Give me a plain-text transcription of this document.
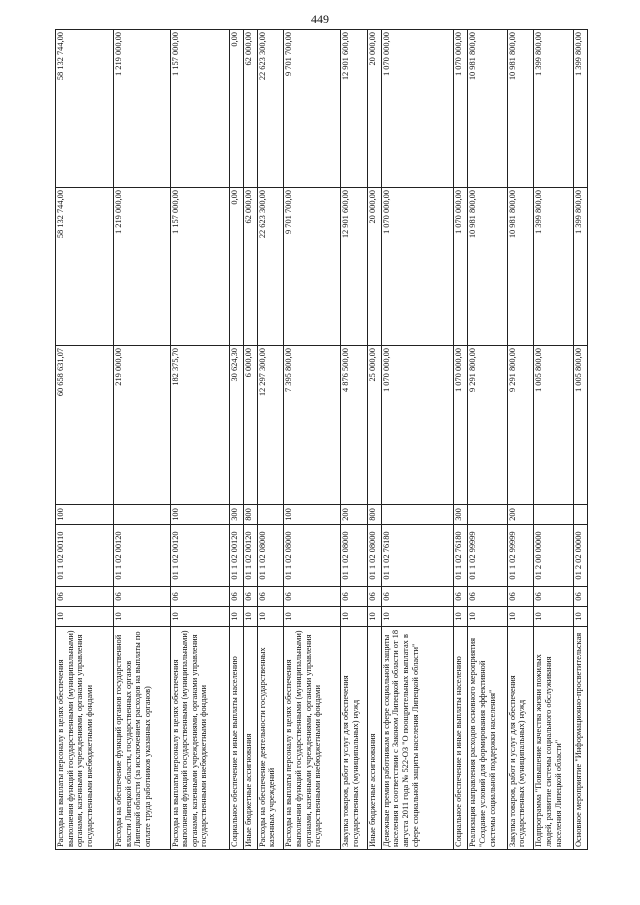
449
Расходы на выплаты персоналу в целях обеспечения выполнения функций государственными (муниципальными) органами, казенными учреждениями, органами управления государственными внебюджетными фондами	10	06	01 1 02 00110	100	60 658 631,07	58 132 744,00	58 132 744,00
Расходы на обеспечение функций органов государственной власти Липецкой области, государственных органов Липецкой области (за исключением расходов на выплаты по оплате труда работников указанных органов)	10	06	01 1 02 00120		219 000,00	1 219 000,00	1 219 000,00
Расходы на выплаты персоналу в целях обеспечения выполнения функций государственными (муниципальными) органами, казенными учреждениями, органами управления государственными внебюджетными фондами	10	06	01 1 02 00120	100	182 375,70	1 157 000,00	1 157 000,00
Социальное обеспечение и иные выплаты населению	10	06	01 1 02 00120	300	30 624,30	0,00	0,00
Иные бюджетные ассигнования	10	06	01 1 02 00120	800	6 000,00	62 000,00	62 000,00
Расходы на обеспечение деятельности государственных казенных учреждений	10	06	01 1 02 08000		12 297 300,00	22 623 300,00	22 623 300,00
Расходы на выплаты персоналу в целях обеспечения выполнения функций государственными (муниципальными) органами, казенными учреждениями, органами управления государственными внебюджетными фондами	10	06	01 1 02 08000	100	7 395 800,00	9 701 700,00	9 701 700,00
Закупка товаров, работ и услуг для обеспечения государственных (муниципальных) нужд	10	06	01 1 02 08000	200	4 876 500,00	12 901 600,00	12 901 600,00
Иные бюджетные ассигнования	10	06	01 1 02 08000	800	25 000,00	20 000,00	20 000,00
Денежные премии работникам в сфере социальной защиты населения в соответствии с Законом Липецкой области от 18 августа 2011 года № 522-ОЗ "О поощрительных выплатах в сфере социальной защиты населения Липецкой области"	10	06	01 1 02 76180		1 070 000,00	1 070 000,00	1 070 000,00
Социальное обеспечение и иные выплаты населению	10	06	01 1 02 76180	300	1 070 000,00	1 070 000,00	1 070 000,00
Реализация направления расходов основного мероприятия "Создание условий для формирования эффективной системы социальной поддержки населения"	10	06	01 1 02 99999		9 291 800,00	10 981 800,00	10 981 800,00
Закупка товаров, работ и услуг для обеспечения государственных (муниципальных) нужд	10	06	01 1 02 99999	200	9 291 800,00	10 981 800,00	10 981 800,00
Подпрограмма "Повышение качества жизни пожилых людей, развитие системы социального обслуживания населения Липецкой области"	10	06	01 2 00 00000		1 005 800,00	1 399 800,00	1 399 800,00
Основное мероприятие "Информационно-просветительская	10	06	01 2 02 00000		1 005 800,00	1 399 800,00	1 399 800,00
